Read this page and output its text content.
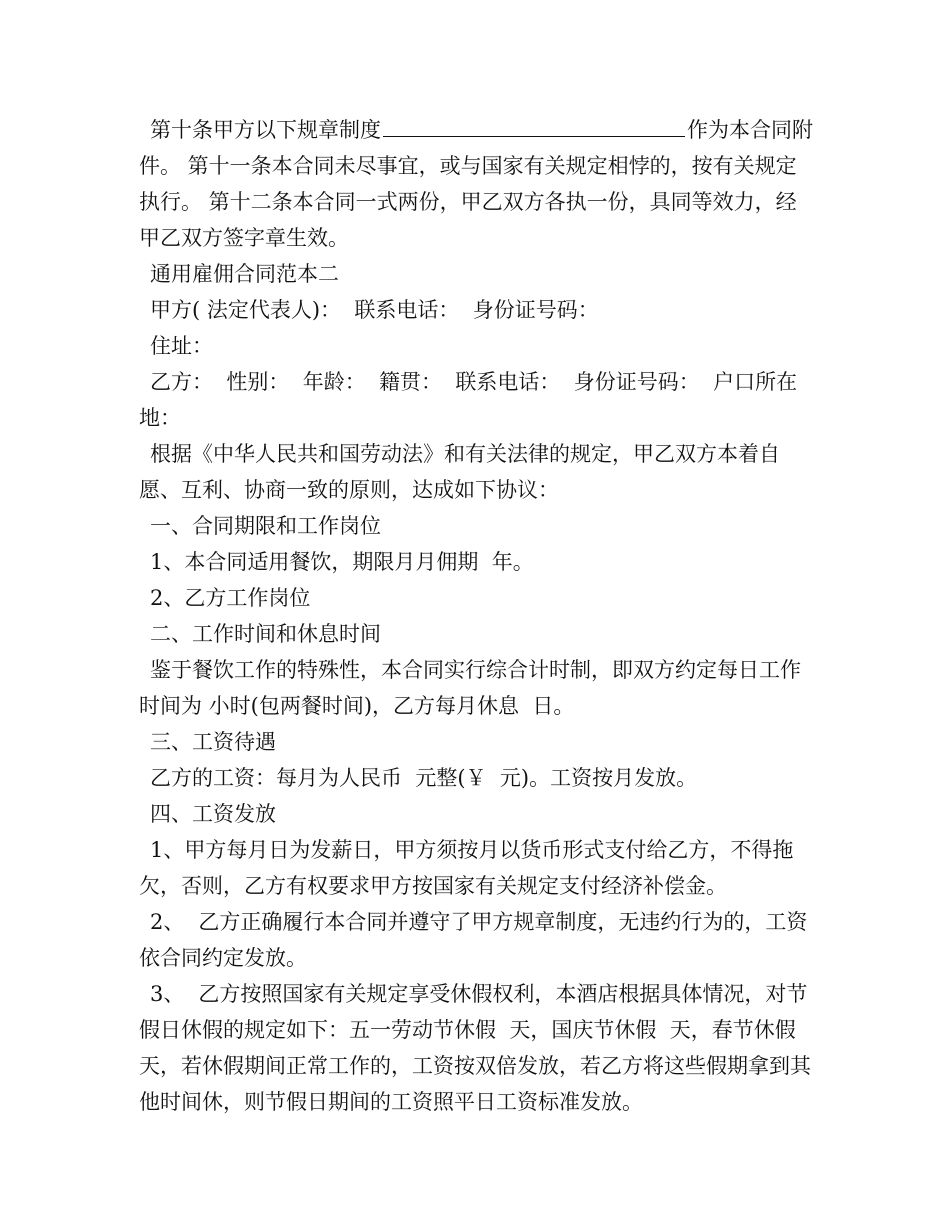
第十条甲方以下规章制度	作为本合同附件。 第十一条本合同未尽事宜，或与国家有关规定相悖的，按有关规定执行。 第十二条本合同一式两份，甲乙双方各执一份，具同等效力，经甲乙双方签字章生效。

通用雇佣合同范本二

甲方( 法定代表人)：  联系电话：  身份证号码：

住址：

乙方：  性别：  年龄：  籍贯：  联系电话：  身份证号码：  户口所在地：

根据《中华人民共和国劳动法》和有关法律的规定，甲乙双方本着自愿、互利、协商一致的原则，达成如下协议：

一、合同期限和工作岗位

1、本合同适用餐饮，期限月月佣期  年。

2、乙方工作岗位

二、工作时间和休息时间

鉴于餐饮工作的特殊性，本合同实行综合计时制，即双方约定每日工作时间为 小时(包两餐时间)，乙方每月休息  日。

三、工资待遇

乙方的工资：每月为人民币  元整(￥  元)。工资按月发放。

四、工资发放

1、甲方每月日为发薪日，甲方须按月以货币形式支付给乙方，不得拖欠，否则，乙方有权要求甲方按国家有关规定支付经济补偿金。

2、 乙方正确履行本合同并遵守了甲方规章制度，无违约行为的，工资依合同约定发放。

3、 乙方按照国家有关规定享受休假权利，本酒店根据具体情况，对节假日休假的规定如下：五一劳动节休假  天，国庆节休假  天，春节休假  天，若休假期间正常工作的，工资按双倍发放，若乙方将这些假期拿到其他时间休，则节假日期间的工资照平日工资标准发放。
